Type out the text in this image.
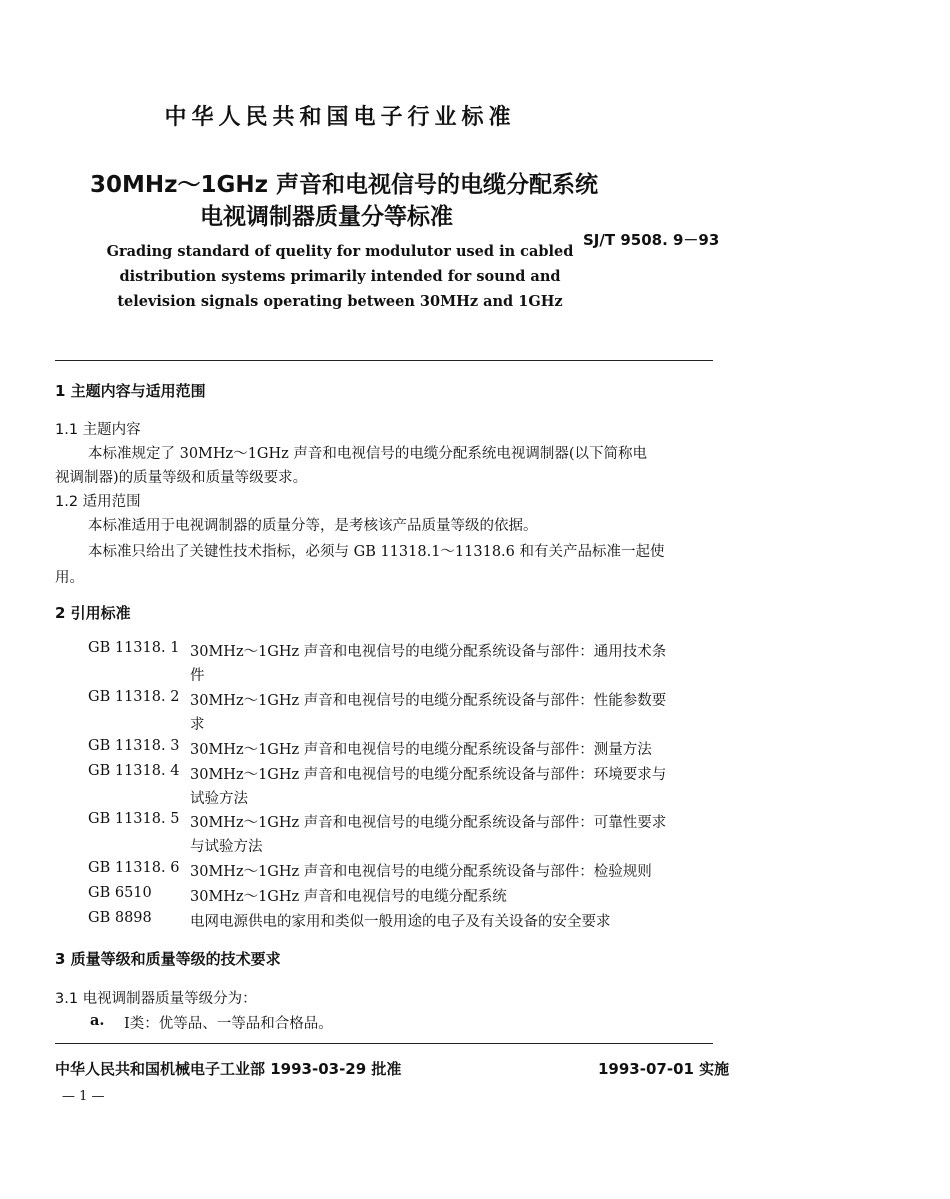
中华人民共和国电子行业标准
30MHz～1GHz 声音和电视信号的电缆分配系统
电视调制器质量分等标准
SJ/T 9508. 9－93
Grading standard of quelity for modulutor used in cabled
distribution systems primarily intended for sound and
television signals operating between 30MHz and 1GHz
1 主题内容与适用范围
1.1 主题内容
本标准规定了 30MHz～1GHz 声音和电视信号的电缆分配系统电视调制器(以下简称电
视调制器)的质量等级和质量等级要求。
1.2 适用范围
本标准适用于电视调制器的质量分等，是考核该产品质量等级的依据。
本标准只给出了关键性技术指标，必须与 GB 11318.1～11318.6 和有关产品标准一起使
用。
2 引用标准
GB 11318. 1 30MHz～1GHz 声音和电视信号的电缆分配系统设备与部件：通用技术条
件
GB 11318. 2 30MHz～1GHz 声音和电视信号的电缆分配系统设备与部件：性能参数要
求
GB 11318. 3 30MHz～1GHz 声音和电视信号的电缆分配系统设备与部件：测量方法
GB 11318. 4 30MHz～1GHz 声音和电视信号的电缆分配系统设备与部件：环境要求与
试验方法
GB 11318. 5 30MHz～1GHz 声音和电视信号的电缆分配系统设备与部件：可靠性要求
与试验方法
GB 11318. 6 30MHz～1GHz 声音和电视信号的电缆分配系统设备与部件：检验规则
GB 6510	30MHz～1GHz 声音和电视信号的电缆分配系统
GB 8898	电网电源供电的家用和类似一般用途的电子及有关设备的安全要求
3 质量等级和质量等级的技术要求
3.1 电视调制器质量等级分为：
a. Ⅰ类：优等品、一等品和合格品。
中华人民共和国机械电子工业部 1993-03-29 批准	1993-07-01 实施
— 1 —
